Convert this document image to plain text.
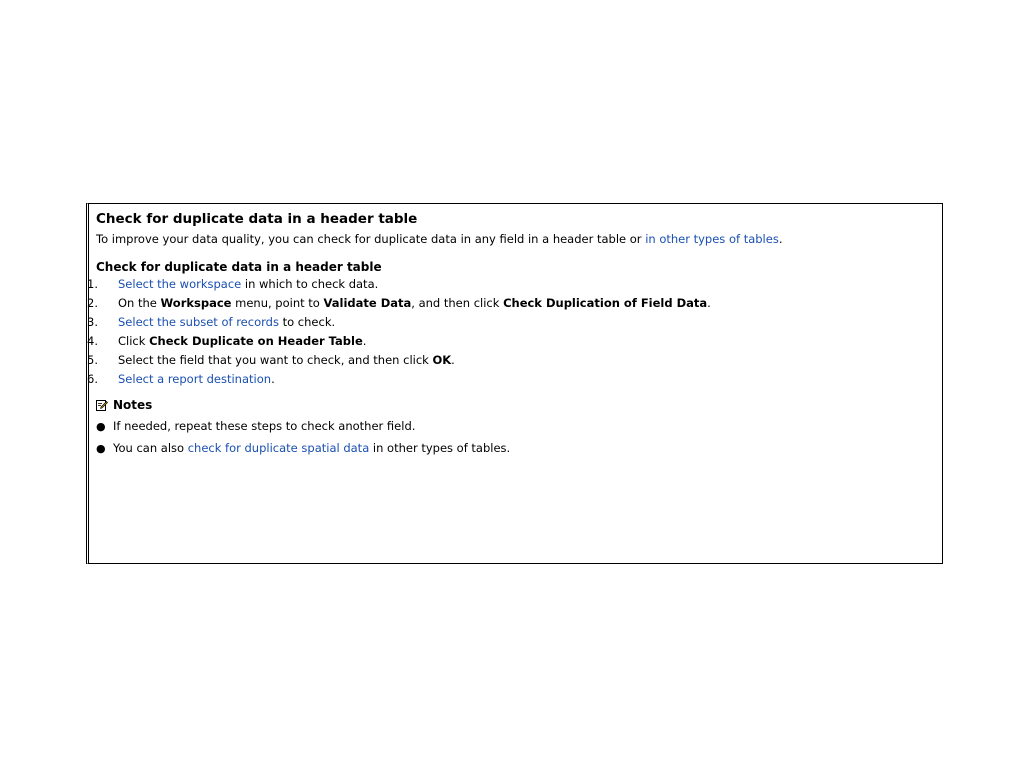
Check for duplicate data in a header table

To improve your data quality, you can check for duplicate data in any field in a header table or in other types of tables.

Check for duplicate data in a header table
1. Select the workspace in which to check data.
2. On the Workspace menu, point to Validate Data, and then click Check Duplication of Field Data.
3. Select the subset of records to check.
4. Click Check Duplicate on Header Table.
5. Select the field that you want to check, and then click OK.
6. Select a report destination.
Notes
● If needed, repeat these steps to check another field.
● You can also check for duplicate spatial data in other types of tables.
